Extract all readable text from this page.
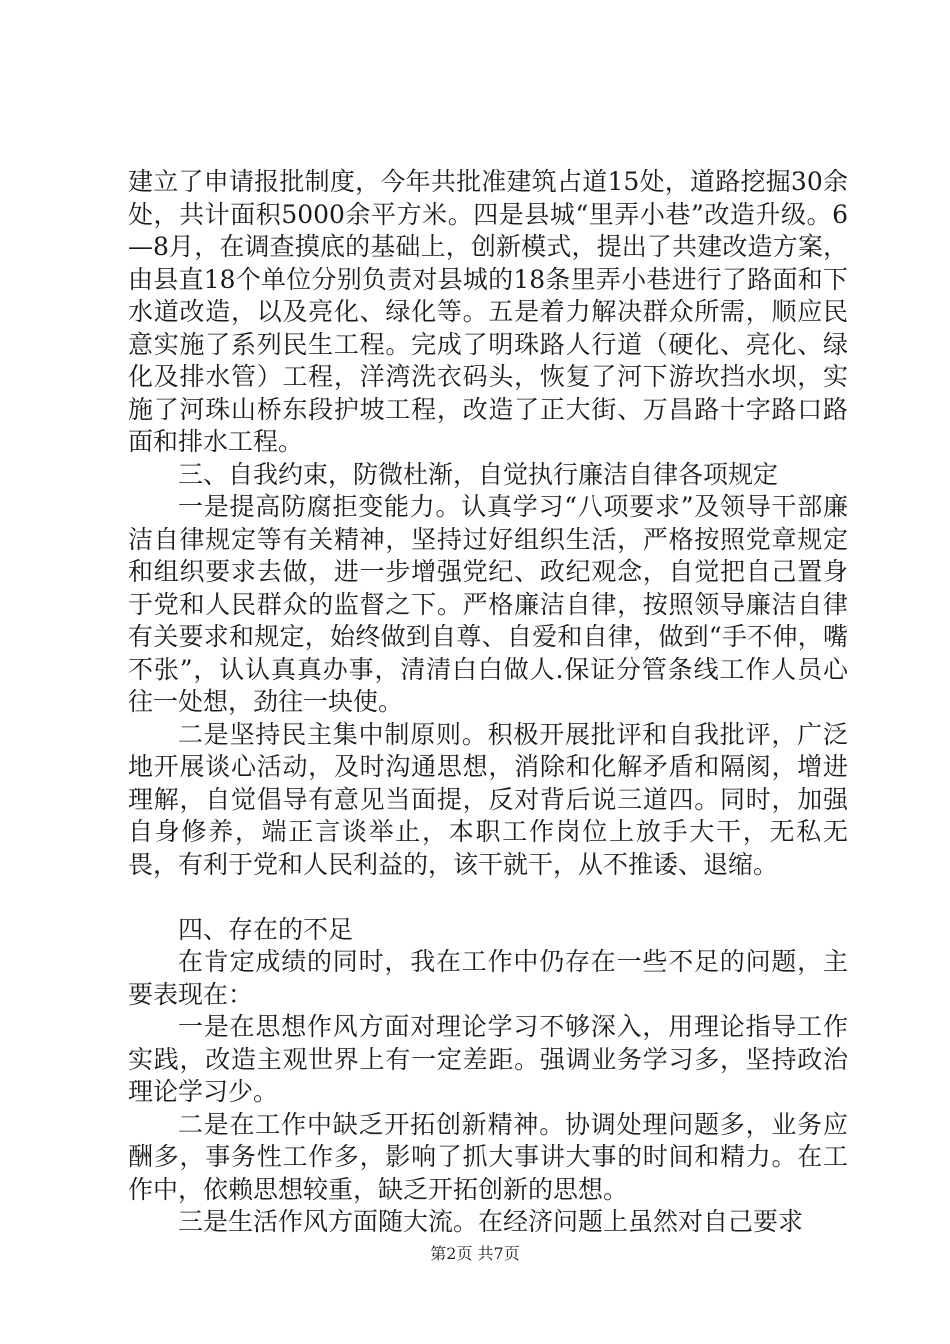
建立了申请报批制度，今年共批准建筑占道15处，道路挖掘30余处，共计面积5000余平方米。四是县城“里弄小巷”改造升级。6—8月，在调查摸底的基础上，创新模式，提出了共建改造方案，由县直18个单位分别负责对县城的18条里弄小巷进行了路面和下水道改造，以及亮化、绿化等。五是着力解决群众所需，顺应民意实施了系列民生工程。完成了明珠路人行道（硬化、亮化、绿化及排水管）工程，洋湾洗衣码头，恢复了河下游坎挡水坝，实施了河珠山桥东段护坡工程，改造了正大街、万昌路十字路口路面和排水工程。

三、自我约束，防微杜渐，自觉执行廉洁自律各项规定

一是提高防腐拒变能力。认真学习“八项要求”及领导干部廉洁自律规定等有关精神，坚持过好组织生活，严格按照党章规定和组织要求去做，进一步增强党纪、政纪观念，自觉把自己置身于党和人民群众的监督之下。严格廉洁自律，按照领导廉洁自律有关要求和规定，始终做到自尊、自爱和自律，做到“手不伸，嘴不张”，认认真真办事，清清白白做人.保证分管条线工作人员心往一处想，劲往一块使。

二是坚持民主集中制原则。积极开展批评和自我批评，广泛地开展谈心活动，及时沟通思想，消除和化解矛盾和隔阂，增进理解，自觉倡导有意见当面提，反对背后说三道四。同时，加强自身修养，端正言谈举止，本职工作岗位上放手大干，无私无畏，有利于党和人民利益的，该干就干，从不推诿、退缩。

四、存在的不足

在肯定成绩的同时，我在工作中仍存在一些不足的问题，主要表现在：

一是在思想作风方面对理论学习不够深入，用理论指导工作实践，改造主观世界上有一定差距。强调业务学习多，坚持政治理论学习少。

二是在工作中缺乏开拓创新精神。协调处理问题多，业务应酬多，事务性工作多，影响了抓大事讲大事的时间和精力。在工作中，依赖思想较重，缺乏开拓创新的思想。

三是生活作风方面随大流。在经济问题上虽然对自己要求

第2页 共7页
